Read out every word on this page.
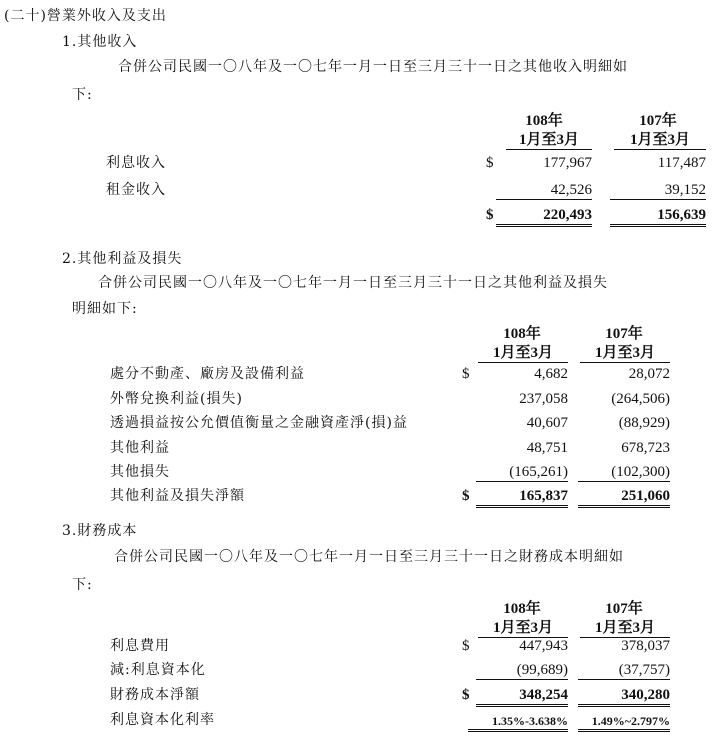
(二十)營業外收入及支出
1.其他收入
合併公司民國一〇八年及一〇七年一月一日至三月三十一日之其他收入明細如
下:
108年
1月至3月
107年
1月至3月
利息收入	$	177,967	117,487
租金收入	42,526	39,152
$	220,493	156,639
2.其他利益及損失
合併公司民國一〇八年及一〇七年一月一日至三月三十一日之其他利益及損失
明細如下:
108年
1月至3月
107年
1月至3月
處分不動產、廠房及設備利益	$	4,682	28,072
外幣兌換利益(損失)	237,058	(264,506)
透過損益按公允價值衡量之金融資產淨(損)益	40,607	(88,929)
其他利益	48,751	678,723
其他損失	(165,261)	(102,300)
其他利益及損失淨額	$	165,837	251,060
3.財務成本
合併公司民國一〇八年及一〇七年一月一日至三月三十一日之財務成本明細如
下:
108年
1月至3月
107年
1月至3月
利息費用	$	447,943	378,037
減:利息資本化	(99,689)	(37,757)
財務成本淨額	$	348,254	340,280
利息資本化利率	1.35%-3.638%	1.49%~2.797%
